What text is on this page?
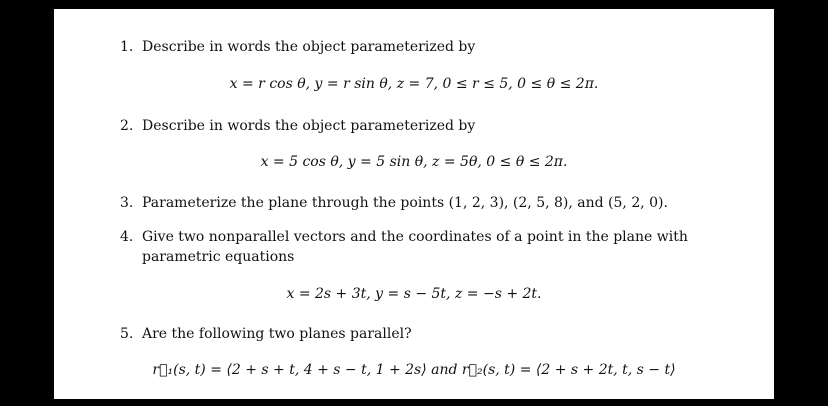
1. Describe in words the object parameterized by
x = r cos θ, y = r sin θ, z = 7, 0 ≤ r ≤ 5, 0 ≤ θ ≤ 2π.
2. Describe in words the object parameterized by
x = 5 cos θ, y = 5 sin θ, z = 5θ, 0 ≤ θ ≤ 2π.
3. Parameterize the plane through the points (1, 2, 3), (2, 5, 8), and (5, 2, 0).
4. Give two nonparallel vectors and the coordinates of a point in the plane with parametric equations
x = 2s + 3t, y = s − 5t, z = −s + 2t.
5. Are the following two planes parallel?
r⃗₁(s, t) = ⟨2 + s + t, 4 + s − t, 1 + 2s⟩ and r⃗₂(s, t) = ⟨2 + s + 2t, t, s − t⟩
